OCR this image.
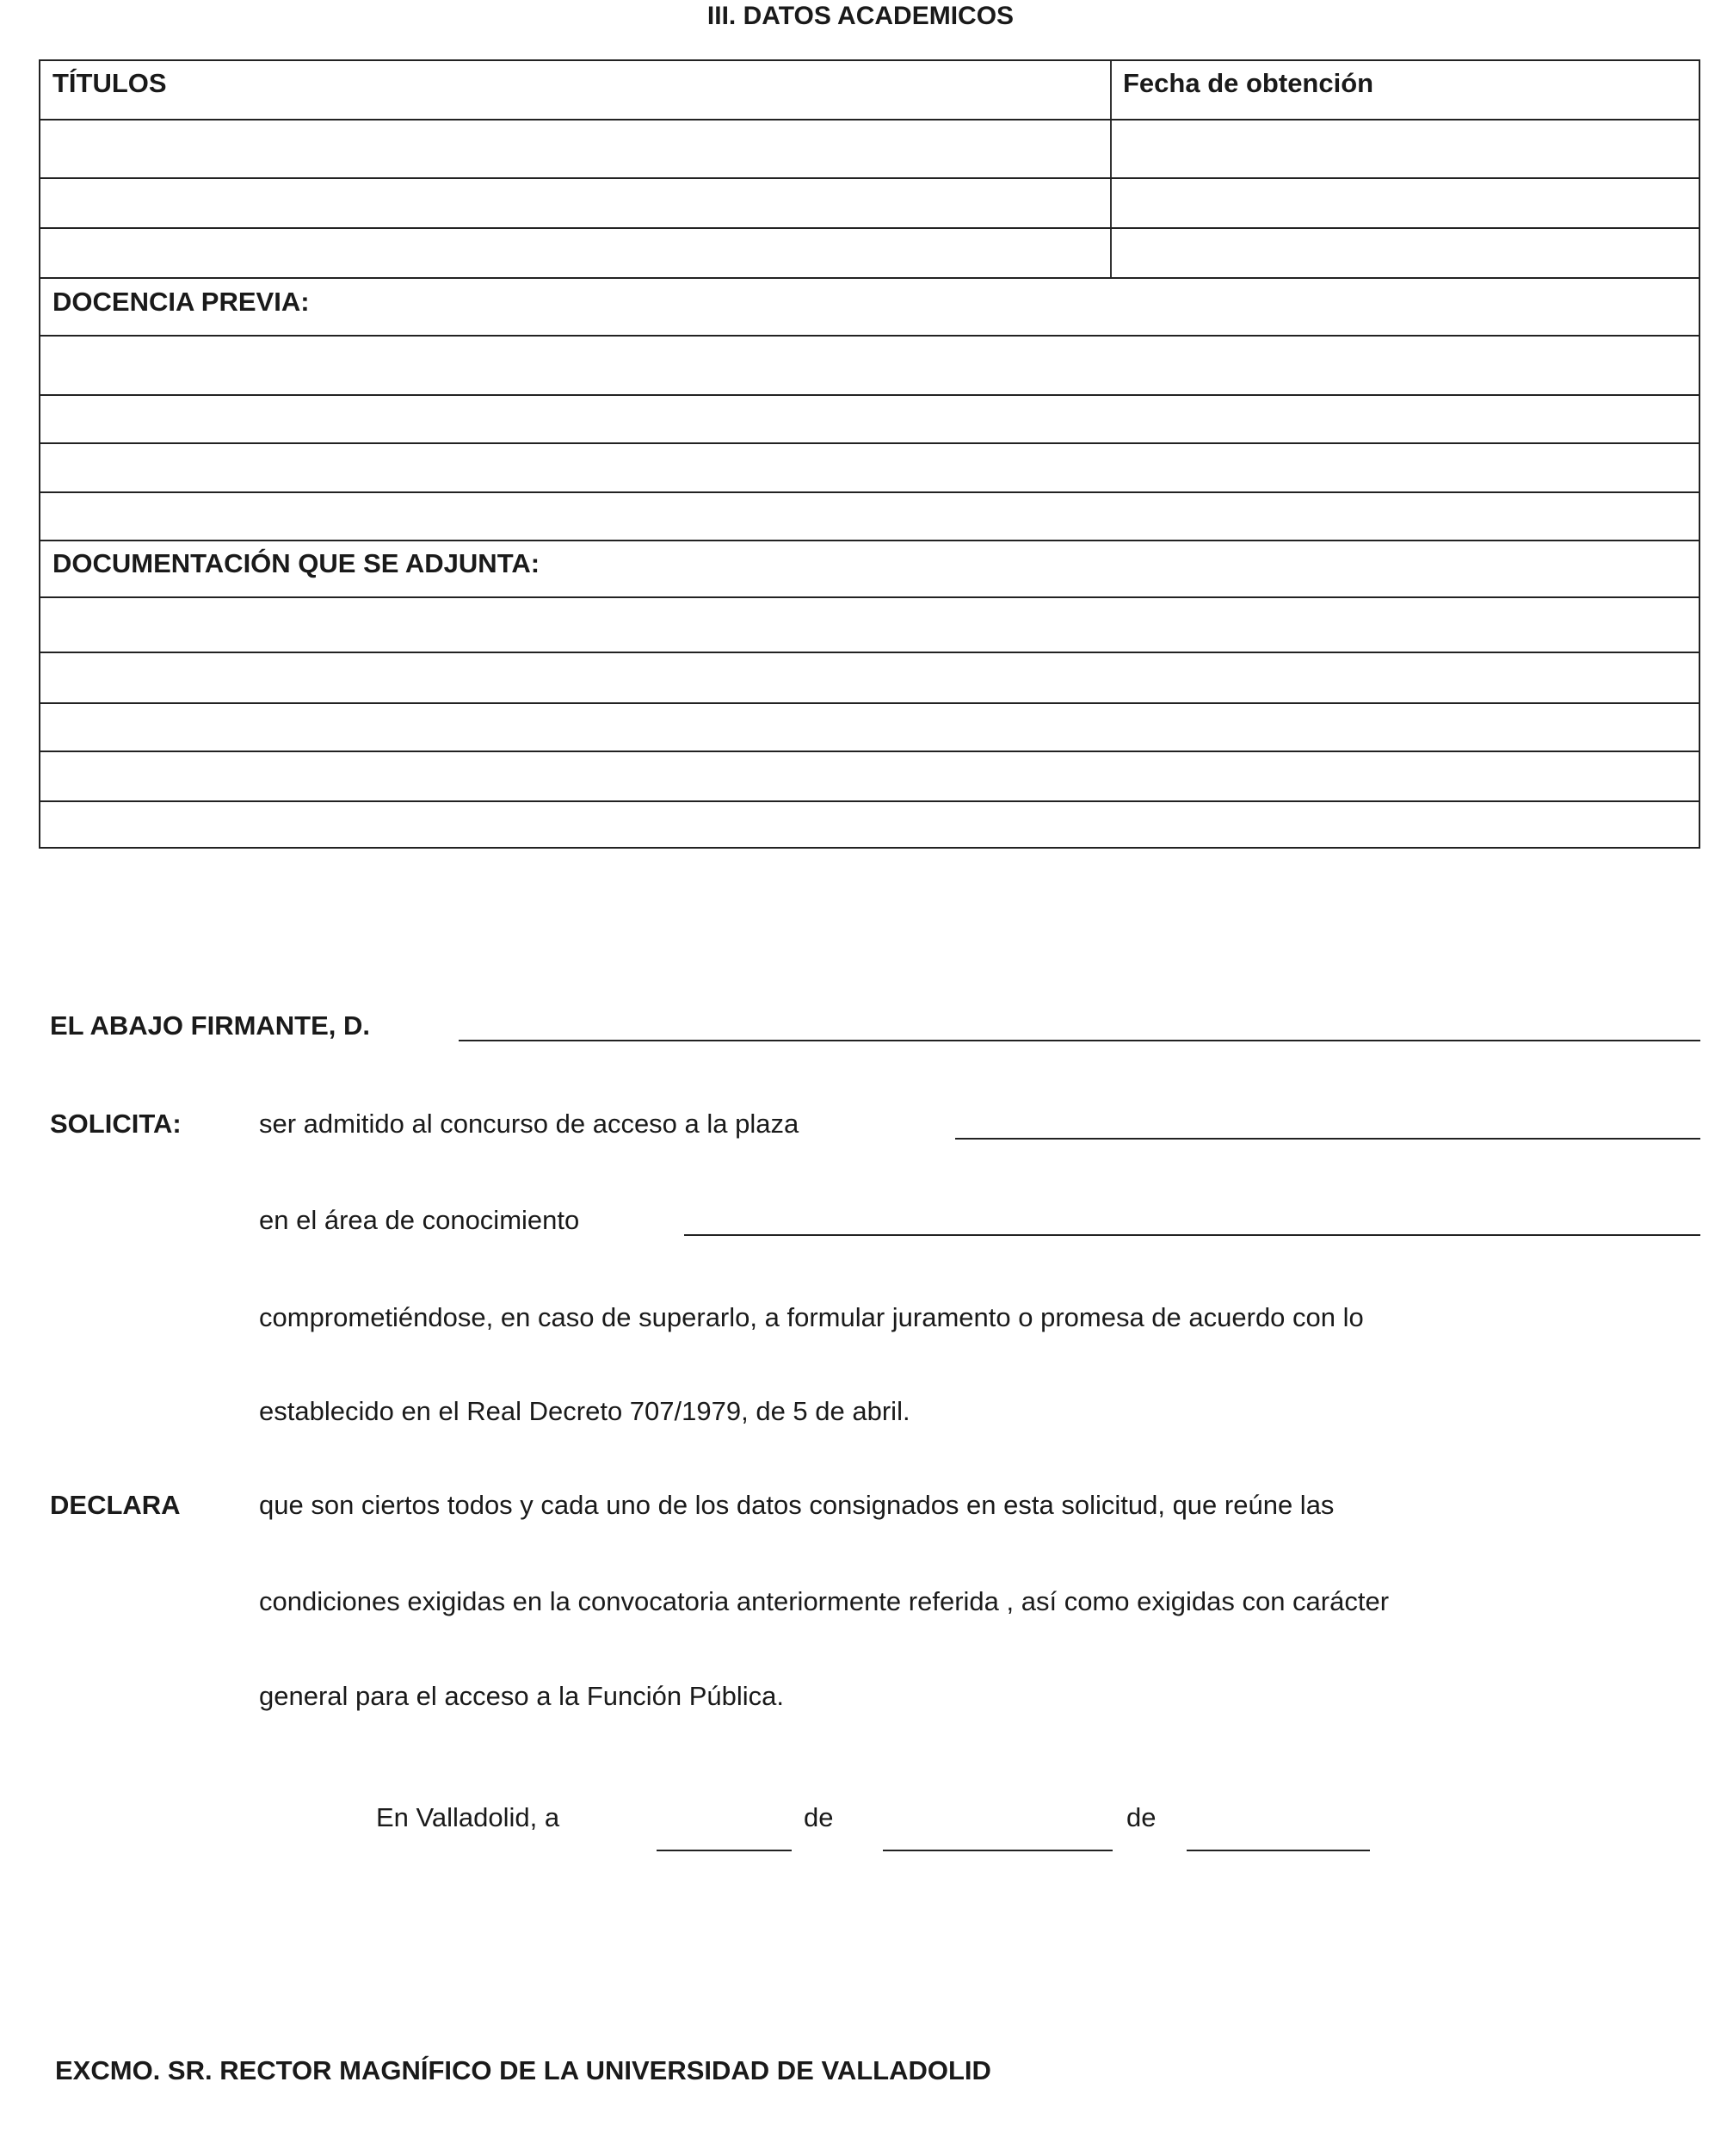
III. DATOS ACADEMICOS
TÍTULOS	Fecha de obtención
DOCENCIA PREVIA:
DOCUMENTACIÓN QUE SE ADJUNTA:
EL ABAJO FIRMANTE, D.
SOLICITA:	ser admitido al concurso de acceso a la plaza
en el área de conocimiento
comprometiéndose, en caso de superarlo, a formular juramento o promesa de acuerdo con lo
establecido en el Real Decreto 707/1979, de 5 de abril.
DECLARA	que son ciertos todos y cada uno de los datos consignados en esta solicitud, que reúne las
condiciones exigidas en la convocatoria anteriormente referida , así como exigidas con carácter
general para el acceso a la Función Pública.
En Valladolid, a	de	de
EXCMO. SR. RECTOR MAGNÍFICO DE LA UNIVERSIDAD DE VALLADOLID
